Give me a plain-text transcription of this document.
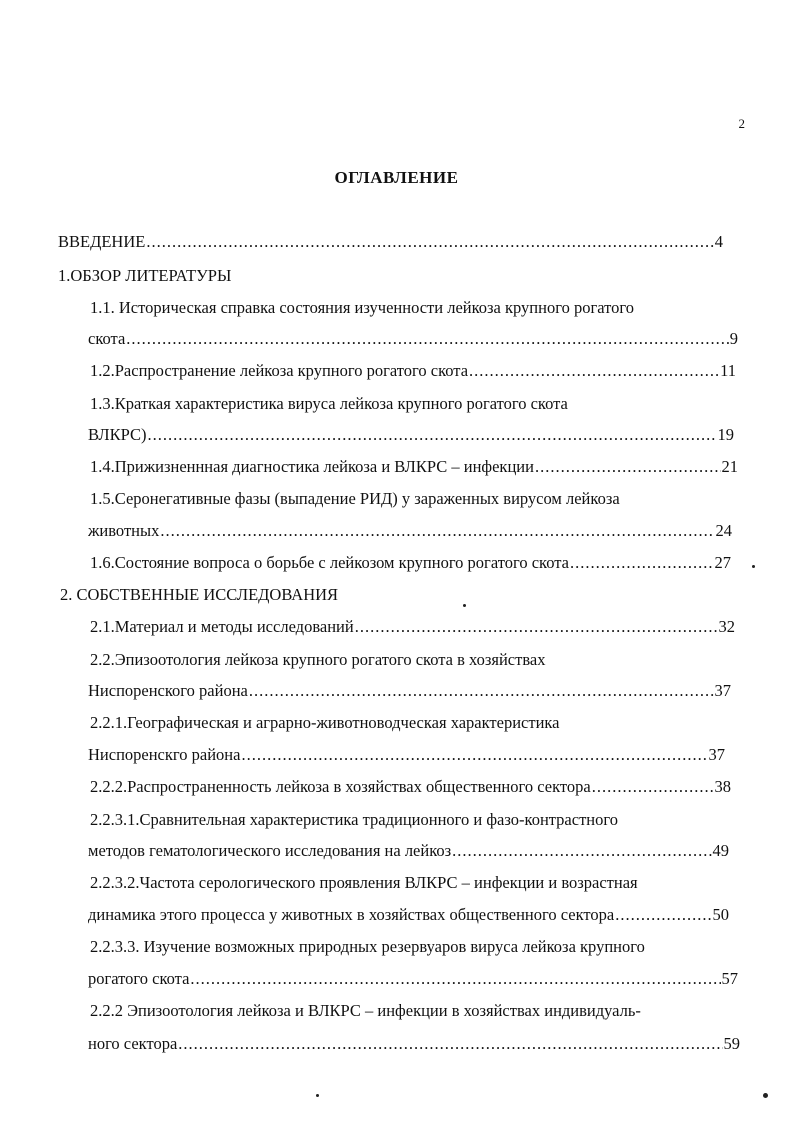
2
ОГЛАВЛЕНИЕ
ВВЕДЕНИЕ .....	4
1.ОБЗОР ЛИТЕРАТУРЫ
1.1. Историческая справка состояния изученности лейкоза крупного рогатого
скота .....	9
1.2.Распространение лейкоза крупного рогатого скота .....	11
1.3.Краткая характеристика вируса лейкоза крупного рогатого скота
ВЛКРС) .....	19
1.4.Прижизненнная диагностика лейкоза и ВЛКРС – инфекции .....	21
1.5.Серонегативные фазы (выпадение РИД) у зараженных вирусом лейкоза
животных .....	24
1.6.Состояние вопроса о борьбе с лейкозом крупного рогатого скота .....	27
2. СОБСТВЕННЫЕ ИССЛЕДОВАНИЯ
2.1.Материал и методы исследований .....	32
2.2.Эпизоотология лейкоза крупного рогатого скота в хозяйствах
Ниспоренского района .....	37
2.2.1.Географическая и аграрно-животноводческая характеристика
Ниспоренскго района .....	37
2.2.2.Распространенность лейкоза в хозяйствах общественного сектора .....	38
2.2.3.1.Сравнительная характеристика традиционного и фазо-контрастного
методов гематологического исследования на лейкоз .....	49
2.2.3.2.Частота серологического проявления ВЛКРС – инфекции и возрастная
динамика этого процесса у животных в хозяйствах общественного сектора .....	50
2.2.3.3. Изучение возможных природных резервуаров вируса лейкоза крупного
рогатого скота .....	57
2.2.2 Эпизоотология лейкоза и ВЛКРС – инфекции в хозяйствах индивидуаль-
ного сектора .....	59
